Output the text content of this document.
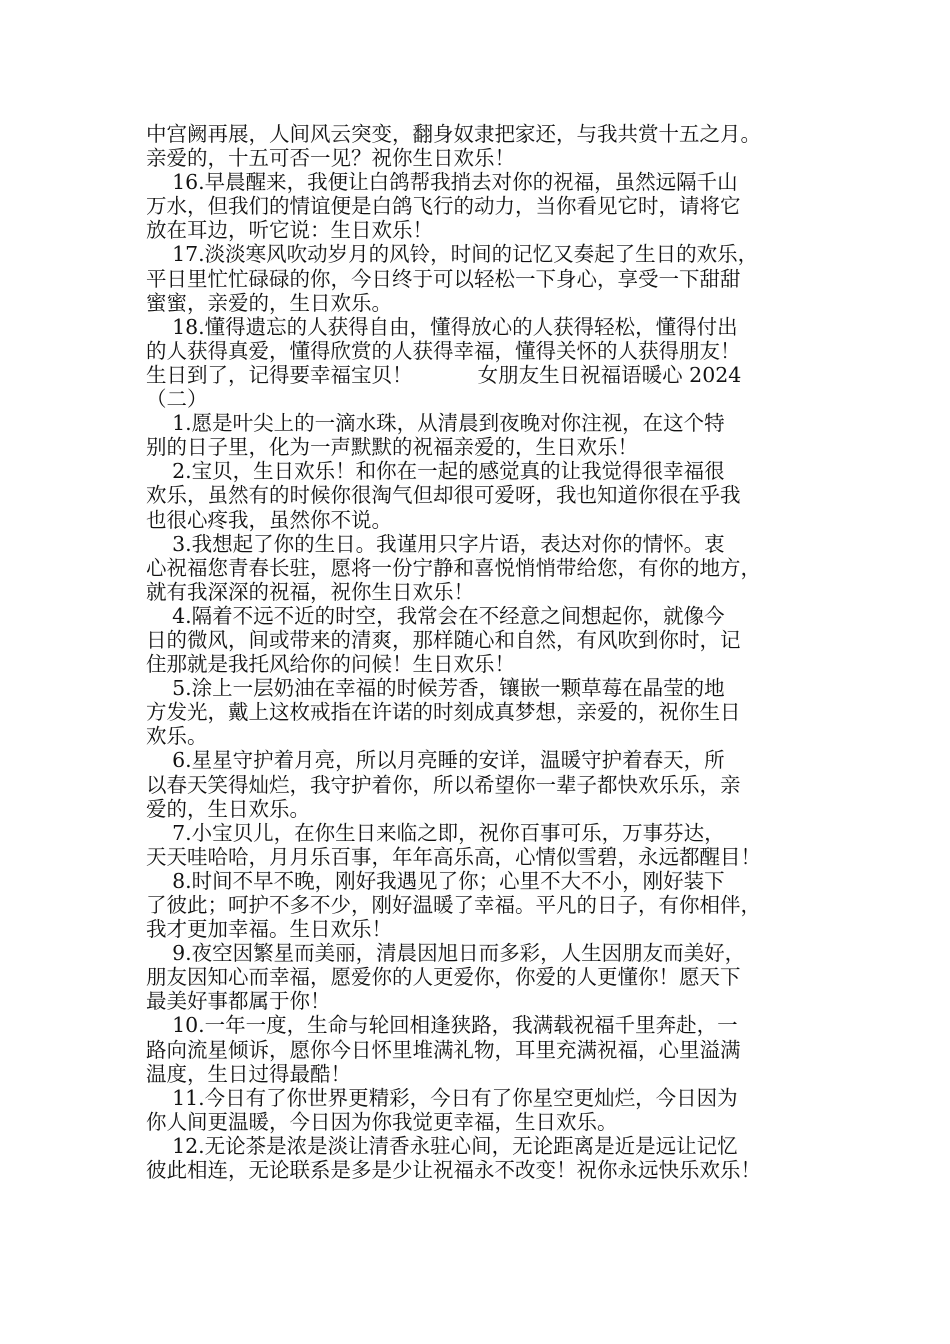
中宫阙再展，人间风云突变，翻身奴隶把家还，与我共赏十五之月。
亲爱的，十五可否一见？祝你生日欢乐！
16.早晨醒来，我便让白鸽帮我捎去对你的祝福，虽然远隔千山
万水，但我们的情谊便是白鸽飞行的动力，当你看见它时，请将它
放在耳边，听它说：生日欢乐！
17.淡淡寒风吹动岁月的风铃，时间的记忆又奏起了生日的欢乐，
平日里忙忙碌碌的你，今日终于可以轻松一下身心，享受一下甜甜
蜜蜜，亲爱的，生日欢乐。
18.懂得遗忘的人获得自由，懂得放心的人获得轻松，懂得付出
的人获得真爱，懂得欣赏的人获得幸福，懂得关怀的人获得朋友！
生日到了，记得要幸福宝贝！          女朋友生日祝福语暖心 2024
（二）
1.愿是叶尖上的一滴水珠，从清晨到夜晚对你注视，在这个特
别的日子里，化为一声默默的祝福亲爱的，生日欢乐！
2.宝贝，生日欢乐！和你在一起的感觉真的让我觉得很幸福很
欢乐，虽然有的时候你很淘气但却很可爱呀，我也知道你很在乎我
也很心疼我，虽然你不说。
3.我想起了你的生日。我谨用只字片语，表达对你的情怀。衷
心祝福您青春长驻，愿将一份宁静和喜悦悄悄带给您，有你的地方，
就有我深深的祝福，祝你生日欢乐！
4.隔着不远不近的时空，我常会在不经意之间想起你，就像今
日的微风，间或带来的清爽，那样随心和自然，有风吹到你时，记
住那就是我托风给你的问候！生日欢乐！
5.涂上一层奶油在幸福的时候芳香，镶嵌一颗草莓在晶莹的地
方发光，戴上这枚戒指在许诺的时刻成真梦想，亲爱的，祝你生日
欢乐。
6.星星守护着月亮，所以月亮睡的安详，温暖守护着春天，所
以春天笑得灿烂，我守护着你，所以希望你一辈子都快欢乐乐，亲
爱的，生日欢乐。
7.小宝贝儿，在你生日来临之即，祝你百事可乐，万事芬达，
天天哇哈哈，月月乐百事，年年高乐高，心情似雪碧，永远都醒目！
8.时间不早不晚，刚好我遇见了你；心里不大不小，刚好装下
了彼此；呵护不多不少，刚好温暖了幸福。平凡的日子，有你相伴，
我才更加幸福。生日欢乐！
9.夜空因繁星而美丽，清晨因旭日而多彩，人生因朋友而美好，
朋友因知心而幸福，愿爱你的人更爱你，你爱的人更懂你！愿天下
最美好事都属于你！
10.一年一度，生命与轮回相逢狭路，我满载祝福千里奔赴，一
路向流星倾诉，愿你今日怀里堆满礼物，耳里充满祝福，心里溢满
温度，生日过得最酷！
11.今日有了你世界更精彩，今日有了你星空更灿烂，今日因为
你人间更温暖，今日因为你我觉更幸福，生日欢乐。
12.无论茶是浓是淡让清香永驻心间，无论距离是近是远让记忆
彼此相连，无论联系是多是少让祝福永不改变！祝你永远快乐欢乐！
